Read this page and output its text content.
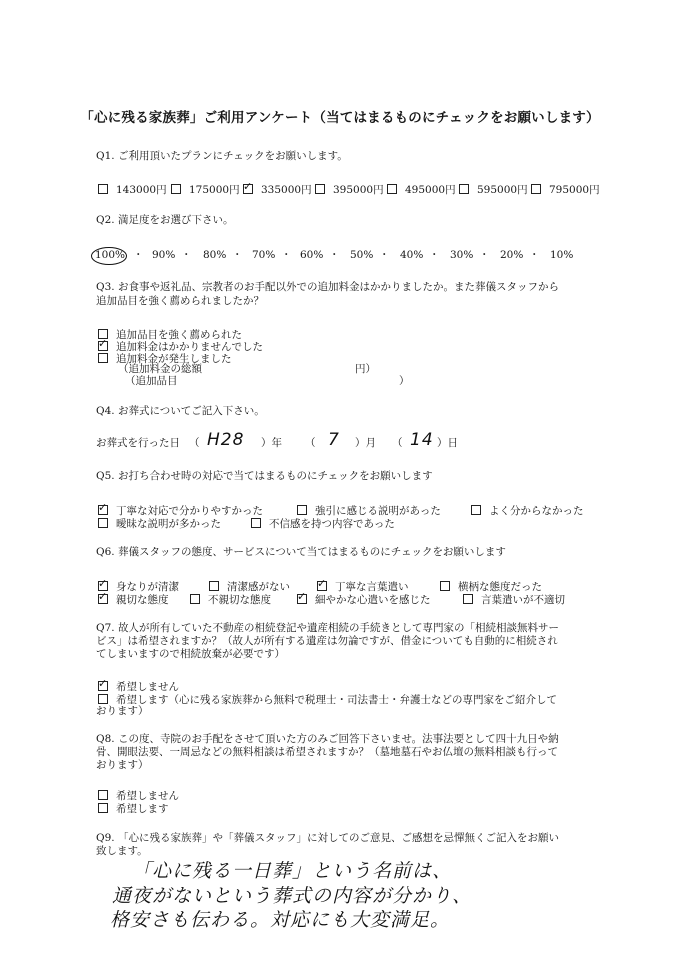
「心に残る家族葬」ご利用アンケート（当てはまるものにチェックをお願いします）
Q1. ご利用頂いたプランにチェックをお願いします。
143000円	175000円 ✓	335000円	395000円	495000円	595000円	795000円
Q2. 満足度をお選び下さい。
100% ・ 90% ・ 80% ・ 70% ・ 60% ・ 50% ・ 40% ・ 30% ・ 20% ・ 10%
Q3. お食事や返礼品、宗教者のお手配以外での追加料金はかかりましたか。また葬儀スタッフから
追加品目を強く薦められましたか？
追加品目を強く薦められた
✓追加料金はかかりませんでした
追加料金が発生しました
（追加料金の総額	円）
（追加品目	）
Q4. お葬式についてご記入下さい。
お葬式を行った日 （ H28 ）年 （ 7 ）月 （ 14 ）日
Q5. お打ち合わせ時の対応で当てはまるものにチェックをお願いします
✓丁寧な対応で分かりやすかった	強引に感じる説明があった	よく分からなかった
曖昧な説明が多かった	不信感を持つ内容であった
Q6. 葬儀スタッフの態度、サービスについて当てはまるものにチェックをお願いします
✓身なりが清潔	清潔感がない ✓	丁寧な言葉遣い	横柄な態度だった
✓親切な態度	不親切な態度 ✓	細やかな心遣いを感じた	言葉遣いが不適切
Q7. 故人が所有していた不動産の相続登記や遺産相続の手続きとして専門家の「相続相談無料サー
ビス」は希望されますか？（故人が所有する遺産は勿論ですが、借金についても自動的に相続され
てしまいますので相続放棄が必要です）
✓希望しません
希望します（心に残る家族葬から無料で税理士・司法書士・弁護士などの専門家をご紹介して
おります）
Q8. この度、寺院のお手配をさせて頂いた方のみご回答下さいませ。法事法要として四十九日や納
骨、開眼法要、一周忌などの無料相談は希望されますか？（墓地墓石やお仏壇の無料相談も行って
おります）
希望しません
希望します
Q9. 「心に残る家族葬」や「葬儀スタッフ」に対してのご意見、ご感想を忌憚無くご記入をお願い
致します。
「心に残る一日葬」という名前は、
通夜がないという葬式の内容が分かり、
格安さも伝わる。対応にも大変満足。
